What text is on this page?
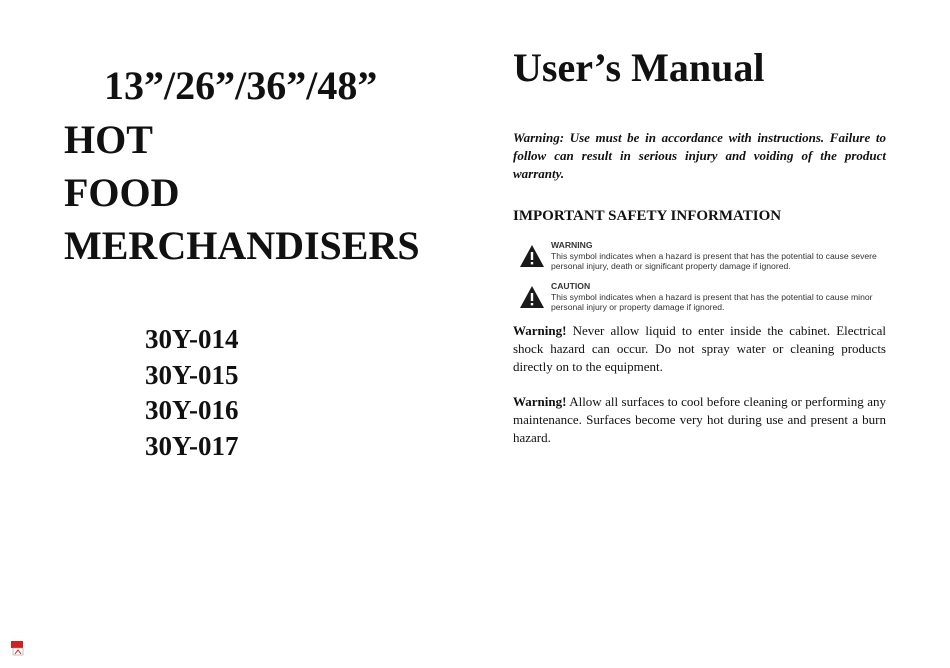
13”/26”/36”/48”
HOT
FOOD
MERCHANDISERS
30Y-014
30Y-015
30Y-016
30Y-017
User’s Manual
Warning: Use must be in accordance with instructions. Failure to follow can result in serious injury and voiding of the product warranty.
IMPORTANT SAFETY INFORMATION
WARNING
This symbol indicates when a hazard is present that has the potential to cause severe personal injury, death or significant property damage if ignored.
CAUTION
This symbol indicates when a hazard is present that has the potential to cause minor personal injury or property damage if ignored.
Warning! Never allow liquid to enter inside the cabinet. Electrical shock hazard can occur. Do not spray water or cleaning products directly on to the equipment.
Warning! Allow all surfaces to cool before cleaning or performing any maintenance. Surfaces become very hot during use and present a burn hazard.
